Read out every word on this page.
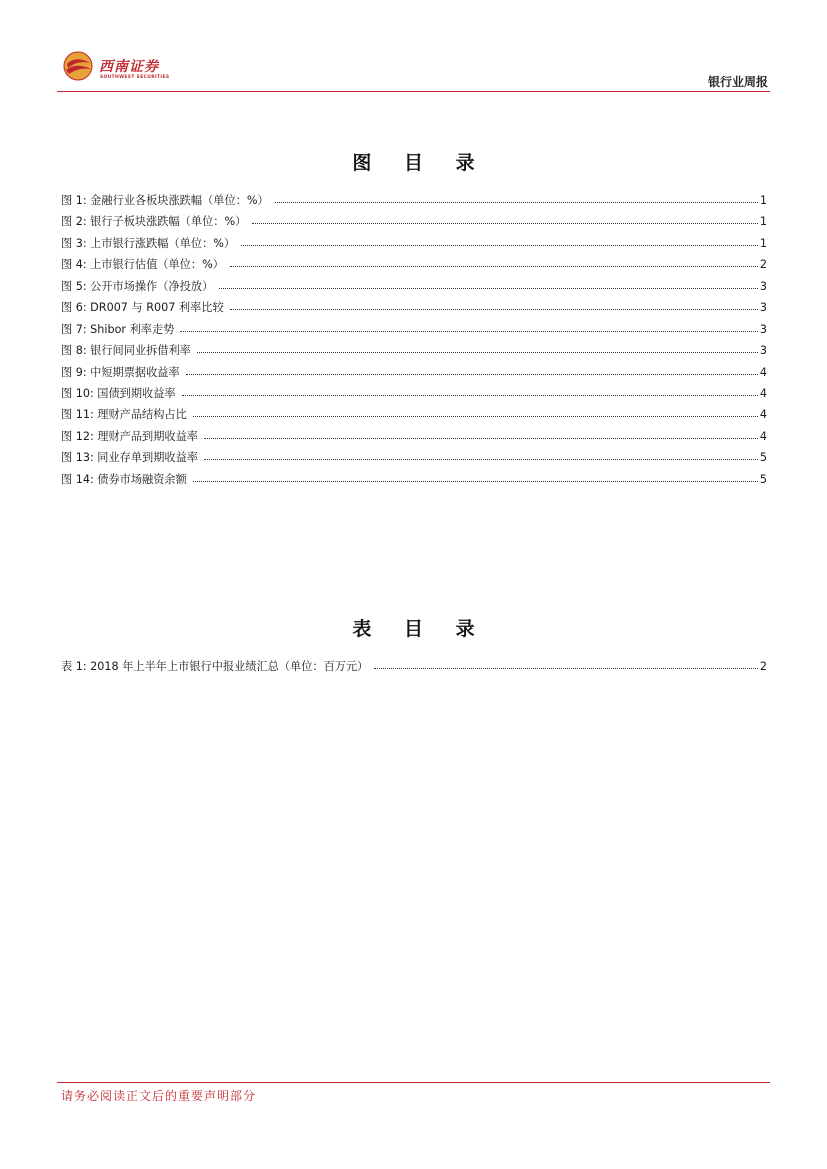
西南证券
SOUTHWEST SECURITIES	银行业周报
图 目 录
图 1: 金融行业各板块涨跌幅（单位：%）	1
图 2: 银行子板块涨跌幅（单位：%）	1
图 3: 上市银行涨跌幅（单位：%）	1
图 4: 上市银行估值（单位：%）	2
图 5: 公开市场操作（净投放）	3
图 6: DR007 与 R007 利率比较	3
图 7: Shibor 利率走势	3
图 8: 银行间同业拆借利率	3
图 9: 中短期票据收益率	4
图 10: 国债到期收益率	4
图 11: 理财产品结构占比	4
图 12: 理财产品到期收益率	4
图 13: 同业存单到期收益率	5
图 14: 债券市场融资余额	5
表 目 录
表 1: 2018 年上半年上市银行中报业绩汇总（单位：百万元）	2
请务必阅读正文后的重要声明部分
